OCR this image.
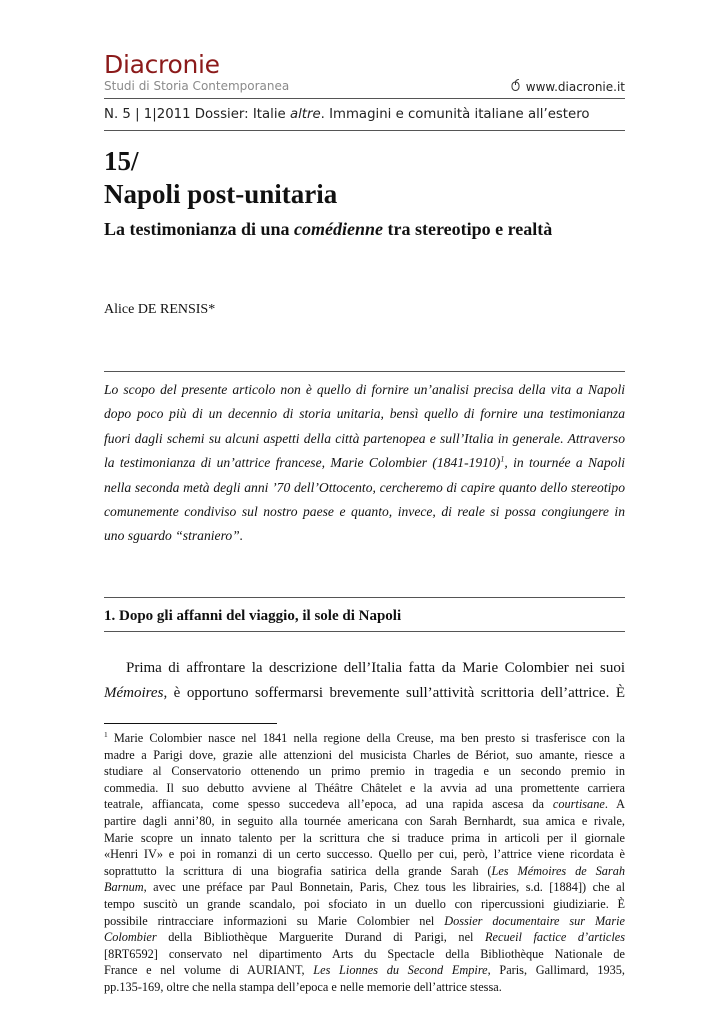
Diacronie
Studi di Storia Contemporanea	www.diacronie.it
N. 5 | 1|2011 Dossier: Italie altre. Immagini e comunità italiane all’estero
15/
Napoli post-unitaria
La testimonianza di una comédienne tra stereotipo e realtà
Alice DE RENSIS*
Lo scopo del presente articolo non è quello di fornire un’analisi precisa della vita a Napoli
dopo poco più di un decennio di storia unitaria, bensì quello di fornire una testimonianza
fuori dagli schemi su alcuni aspetti della città partenopea e sull’Italia in generale. Attraverso
la testimonianza di un’attrice francese, Marie Colombier (1841-1910)$^1$, in tournée a Napoli
nella seconda metà degli anni ’70 dell’Ottocento, cercheremo di capire quanto dello stereotipo
comunemente condiviso sul nostro paese e quanto, invece, di reale si possa congiungere in
uno sguardo “straniero”.
1. Dopo gli affanni del viaggio, il sole di Napoli
Prima di affrontare la descrizione dell’Italia fatta da Marie Colombier nei suoi
Mémoires, è opportuno soffermarsi brevemente sull’attività scrittoria dell’attrice. È
$^1$ Marie Colombier nasce nel 1841 nella regione della Creuse, ma ben presto si trasferisce con la
madre a Parigi dove, grazie alle attenzioni del musicista Charles de Bériot, suo amante, riesce a
studiare al Conservatorio ottenendo un primo premio in tragedia e un secondo premio in
commedia. Il suo debutto avviene al Théâtre Châtelet e la avvia ad una promettente carriera
teatrale, affiancata, come spesso succedeva all’epoca, ad una rapida ascesa da courtisane. A
partire dagli anni’80, in seguito alla tournée americana con Sarah Bernhardt, sua amica e rivale,
Marie scopre un innato talento per la scrittura che si traduce prima in articoli per il giornale
«Henri IV» e poi in romanzi di un certo successo. Quello per cui, però, l’attrice viene ricordata è
soprattutto la scrittura di una biografia satirica della grande Sarah (Les Mémoires de Sarah
Barnum, avec une préface par Paul Bonnetain, Paris, Chez tous les librairies, s.d. [1884]) che al
tempo suscitò un grande scandalo, poi sfociato in un duello con ripercussioni giudiziarie. È
possibile rintracciare informazioni su Marie Colombier nel Dossier documentaire sur Marie
Colombier della Bibliothèque Marguerite Durand di Parigi, nel Recueil factice d’articles
[8RT6592] conservato nel dipartimento Arts du Spectacle della Bibliothèque Nationale de
France e nel volume di AURIANT, Les Lionnes du Second Empire, Paris, Gallimard, 1935,
pp.135-169, oltre che nella stampa dell’epoca e nelle memorie dell’attrice stessa.
